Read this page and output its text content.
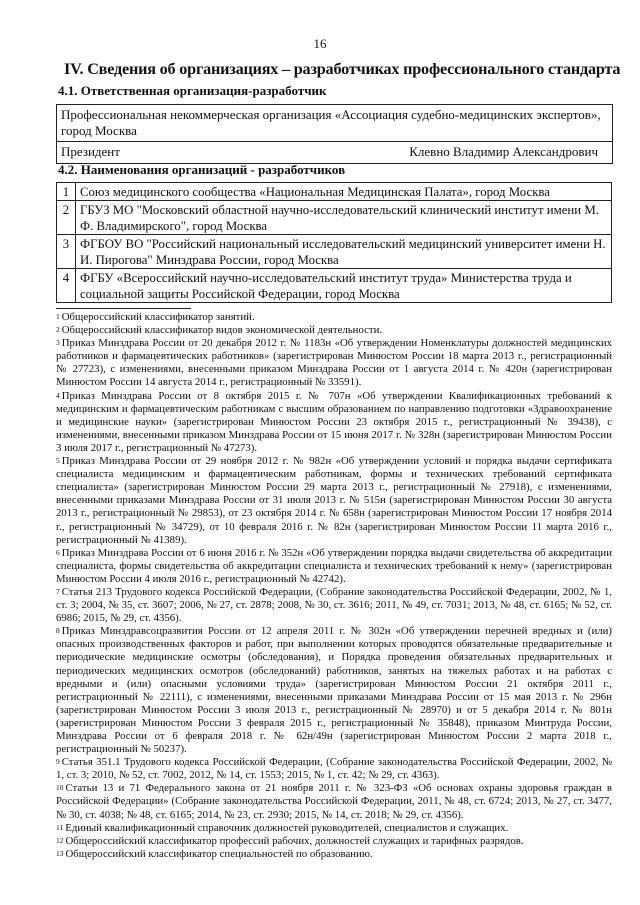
16
IV. Сведения об организациях – разработчиках профессионального стандарта
4.1. Ответственная организация-разработчик
Профессиональная некоммерческая организация «Ассоциация судебно-медицинских экспертов», город Москва
Президент	Клевно Владимир Александрович
4.2. Наименования организаций - разработчиков
1	Союз медицинского сообщества «Национальная Медицинская Палата», город Москва
2	ГБУЗ МО "Московский областной научно-исследовательский клинический институт имени М. Ф. Владимирского", город Москва
3	ФГБОУ ВО "Российский национальный исследовательский медицинский университет имени Н. И. Пирогова" Минздрава России, город Москва
4	ФГБУ «Всероссийский научно-исследовательский институт труда» Министерства труда и социальной защиты Российской Федерации, город Москва

$^1$ Общероссийский классификатор занятий.

$^2$ Общероссийский классификатор видов экономической деятельности.

$^3$ Приказ Минздрава России от 20 декабря 2012 г. № 1183н «Об утверждении Номенклатуры должностей медицинских работников и фармацевтических работников» (зарегистрирован Минюстом России 18 марта 2013 г., регистрационный № 27723), с изменениями, внесенными приказом Минздрава России от 1 августа 2014 г. № 420н (зарегистрирован Минюстом России 14 августа 2014 г., регистрационный № 33591).

$^4$ Приказ Минздрава России от 8 октября 2015 г. № 707н «Об утверждении Квалификационных требований к медицинским и фармацевтическим работникам с высшим образованием по направлению подготовки «Здравоохранение и медицинские науки» (зарегистрирован Минюстом России 23 октября 2015 г., регистрационный № 39438), с изменениями, внесенными приказом Минздрава России от 15 июня 2017 г. № 328н (зарегистрирован Минюстом России 3 июля 2017 г., регистрационный № 47273).

$^5$ Приказ Минздрава России от 29 ноября 2012 г. № 982н «Об утверждении условий и порядка выдачи сертификата специалиста медицинским и фармацевтическим работникам, формы и технических требований сертификата специалиста» (зарегистрирован Минюстом России 29 марта 2013 г., регистрационный № 27918), с изменениями, внесенными приказами Минздрава России от 31 июля 2013 г. № 515н (зарегистрирован Минюстом России 30 августа 2013 г., регистрационный № 29853), от 23 октября 2014 г. № 658н (зарегистрирован Минюстом России 17 ноября 2014 г., регистрационный № 34729), от 10 февраля 2016 г. № 82н (зарегистрирован Минюстом России 11 марта 2016 г., регистрационный № 41389).

$^6$ Приказ Минздрава России от 6 июня 2016 г. № 352н «Об утверждении порядка выдачи свидетельства об аккредитации специалиста, формы свидетельства об аккредитации специалиста и технических требований к нему» (зарегистрирован Минюстом России 4 июля 2016 г., регистрационный № 42742).

$^7$ Статья 213 Трудового кодекса Российской Федерации, (Собрание законодательства Российской Федерации, 2002, № 1, ст. 3; 2004, № 35, ст. 3607; 2006, № 27, ст. 2878; 2008, № 30, ст. 3616; 2011, № 49, ст. 7031; 2013, № 48, ст. 6165; № 52, ст. 6986; 2015, № 29, ст. 4356).

$^8$ Приказ Минздравсоцразвития России от 12 апреля 2011 г. № 302н «Об утверждении перечней вредных и (или) опасных производственных факторов и работ, при выполнении которых проводятся обязательные предварительные и периодические медицинские осмотры (обследования), и Порядка проведения обязательных предварительных и периодических медицинских осмотров (обследований) работников, занятых на тяжелых работах и на работах с вредными и (или) опасными условиями труда» (зарегистрирован Минюстом России 21 октября 2011 г., регистрационный № 22111), с изменениями, внесенными приказами Минздрава России от 15 мая 2013 г. № 296н (зарегистрирован Минюстом России 3 июля 2013 г., регистрационный № 28970) и от 5 декабря 2014 г. № 801н (зарегистрирован Минюстом России 3 февраля 2015 г., регистрационный № 35848), приказом Минтруда России, Минздрава России от 6 февраля 2018 г. № 62н/49н (зарегистрирован Минюстом России 2 марта 2018 г., регистрационный № 50237).

$^9$ Статья 351.1 Трудового кодекса Российской Федерации, (Собрание законодательства Российской Федерации, 2002, № 1, ст. 3; 2010, № 52, ст. 7002, 2012, № 14, ст. 1553; 2015, № 1, ст. 42; № 29, ст. 4363).

$^{10}$ Статьи 13 и 71 Федерального закона от 21 ноября 2011 г. № 323-ФЗ «Об основах охраны здоровья граждан в Российской Федерации» (Собрание законодательства Российской Федерации, 2011, № 48, ст. 6724; 2013, № 27, ст. 3477, № 30, ст. 4038; № 48, ст. 6165; 2014, № 23, ст. 2930; 2015, № 14, ст. 2018; № 29, ст. 4356).

$^{11}$ Единый квалификационный справочник должностей руководителей, специалистов и служащих.

$^{12}$ Общероссийский классификатор профессий рабочих, должностей служащих и тарифных разрядов.

$^{13}$ Общероссийский классификатор специальностей по образованию.
